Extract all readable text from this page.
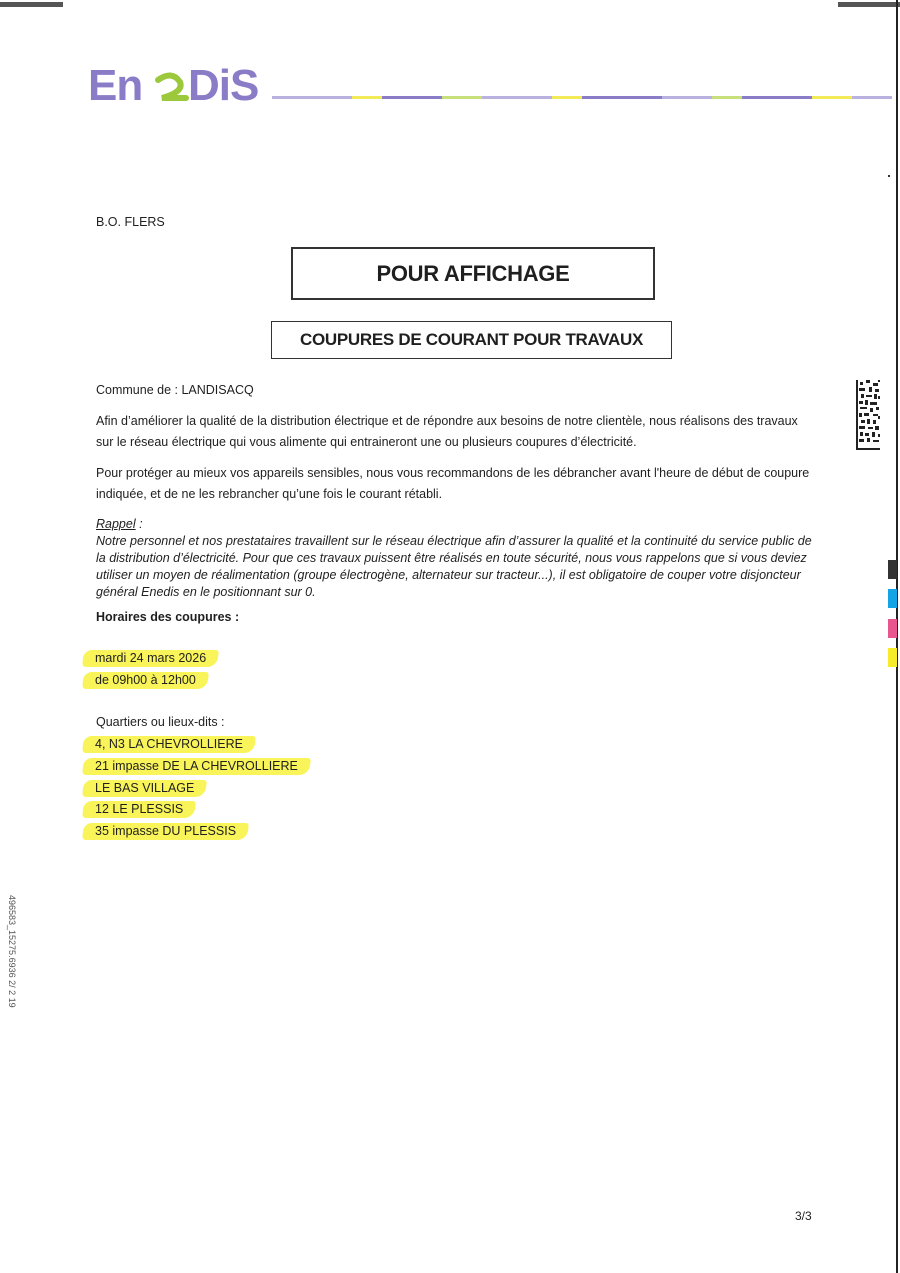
En DiS
B.O. FLERS
POUR AFFICHAGE
COUPURES DE COURANT POUR TRAVAUX
Commune de : LANDISACQ
Afin d’améliorer la qualité de la distribution électrique et de répondre aux besoins de notre clientèle, nous réalisons des travaux sur le réseau électrique qui vous alimente qui entraineront une ou plusieurs coupures d’électricité.
Pour protéger au mieux vos appareils sensibles, nous vous recommandons de les débrancher avant l'heure de début de coupure indiquée, et de ne les rebrancher qu’une fois le courant rétabli.
Rappel :
Notre personnel et nos prestataires travaillent sur le réseau électrique afin d’assurer la qualité et la continuité du service public de la distribution d’électricité. Pour que ces travaux puissent être réalisés en toute sécurité, nous vous rappelons que si vous deviez utiliser un moyen de réalimentation (groupe électrogène, alternateur sur tracteur...), il est obligatoire de couper votre disjoncteur général Enedis en le positionnant sur 0.
Horaires des coupures :
mardi 24 mars 2026
de 09h00 à 12h00
Quartiers ou lieux-dits :
4, N3 LA CHEVROLLIERE
21 impasse DE LA CHEVROLLIERE
LE BAS VILLAGE
12 LE PLESSIS
35 impasse DU PLESSIS
496583_15275.6936 2/ 2 19
3/3
